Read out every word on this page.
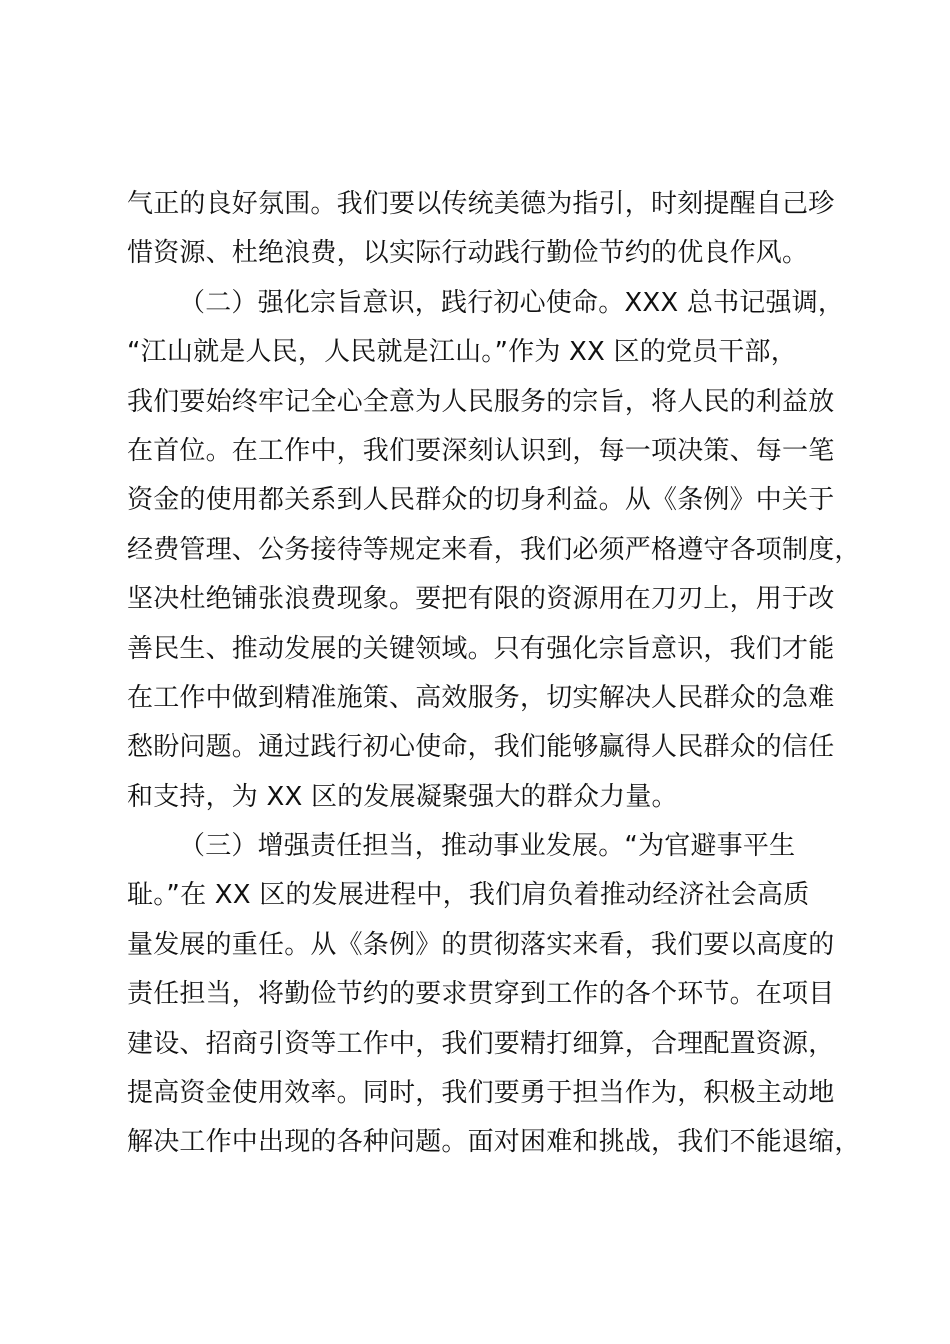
气正的良好氛围。我们要以传统美德为指引，时刻提醒自己珍
惜资源、杜绝浪费，以实际行动践行勤俭节约的优良作风。
（二）强化宗旨意识，践行初心使命。XXX 总书记强调，
“江山就是人民，人民就是江山。”作为 XX 区的党员干部，
我们要始终牢记全心全意为人民服务的宗旨，将人民的利益放
在首位。在工作中，我们要深刻认识到，每一项决策、每一笔
资金的使用都关系到人民群众的切身利益。从《条例》中关于
经费管理、公务接待等规定来看，我们必须严格遵守各项制度，
坚决杜绝铺张浪费现象。要把有限的资源用在刀刃上，用于改
善民生、推动发展的关键领域。只有强化宗旨意识，我们才能
在工作中做到精准施策、高效服务，切实解决人民群众的急难
愁盼问题。通过践行初心使命，我们能够赢得人民群众的信任
和支持，为 XX 区的发展凝聚强大的群众力量。
（三）增强责任担当，推动事业发展。“为官避事平生
耻。”在 XX 区的发展进程中，我们肩负着推动经济社会高质
量发展的重任。从《条例》的贯彻落实来看，我们要以高度的
责任担当，将勤俭节约的要求贯穿到工作的各个环节。在项目
建设、招商引资等工作中，我们要精打细算，合理配置资源，
提高资金使用效率。同时，我们要勇于担当作为，积极主动地
解决工作中出现的各种问题。面对困难和挑战，我们不能退缩，
